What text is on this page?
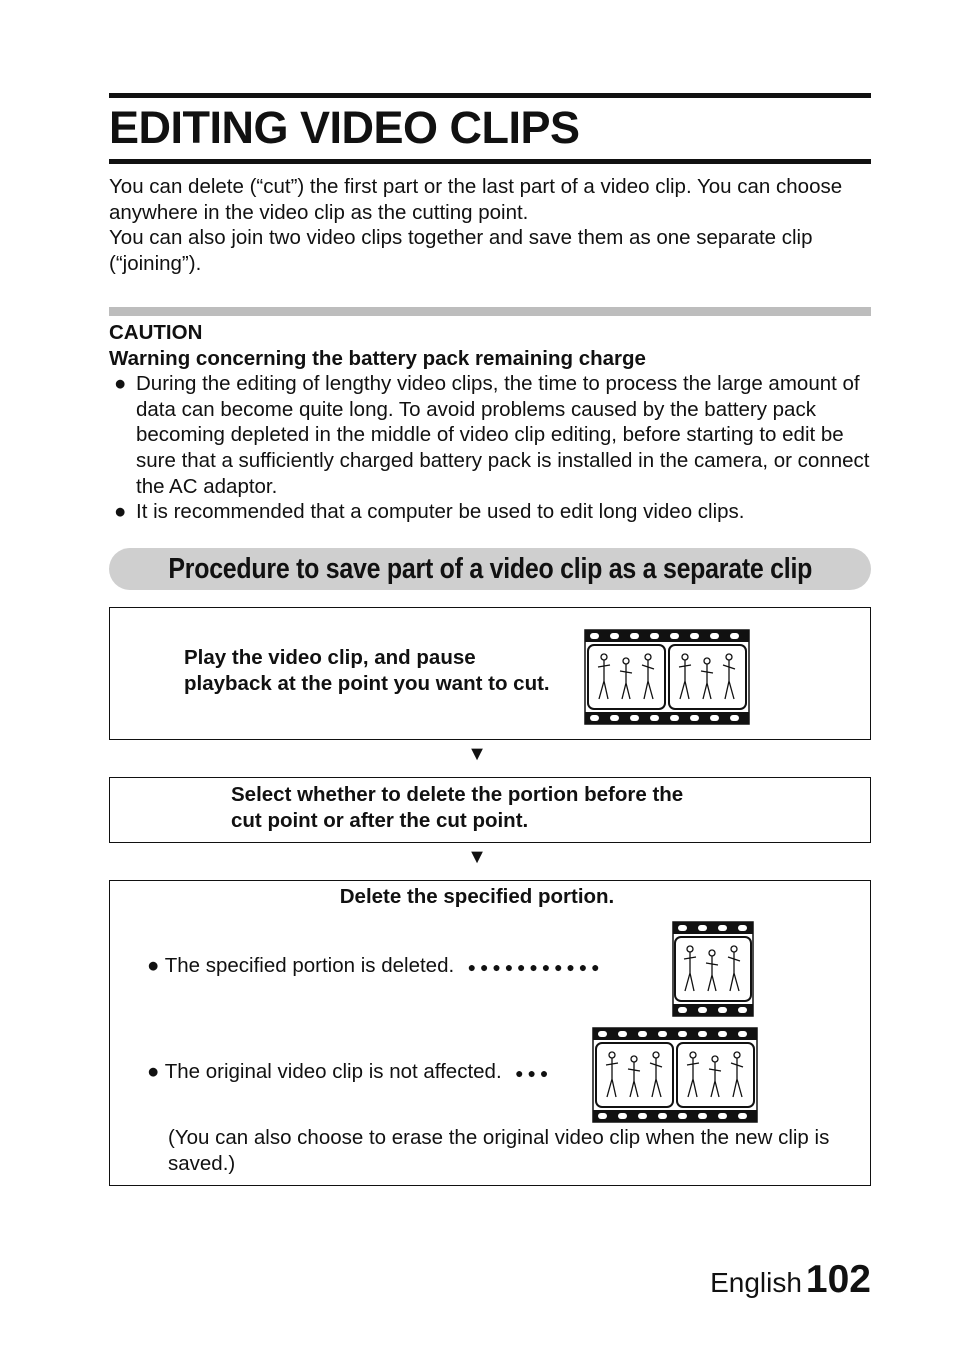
EDITING VIDEO CLIPS

You can delete (“cut”) the first part or the last part of a video clip. You can choose anywhere in the video clip as the cutting point.

You can also join two video clips together and save them as one separate clip (“joining”).

CAUTION

Warning concerning the battery pack remaining charge

● During the editing of lengthy video clips, the time to process the large amount of data can become quite long. To avoid problems caused by the battery pack becoming depleted in the middle of video clip editing, before starting to edit be sure that a sufficiently charged battery pack is installed in the camera, or connect the AC adaptor.
● It is recommended that a computer be used to edit long video clips.
Procedure to save part of a video clip as a separate clip
Play the video clip, and pause
playback at the point you want to cut.
▼
Select whether to delete the portion before the
cut point or after the cut point.
▼
Delete the specified portion.
● The specified portion is deleted.   ● ● ● ● ● ● ● ● ● ● ●
● The original video clip is not affected.   ● ● ●
(You can also choose to erase the original video clip when the new clip is saved.)
English 102
